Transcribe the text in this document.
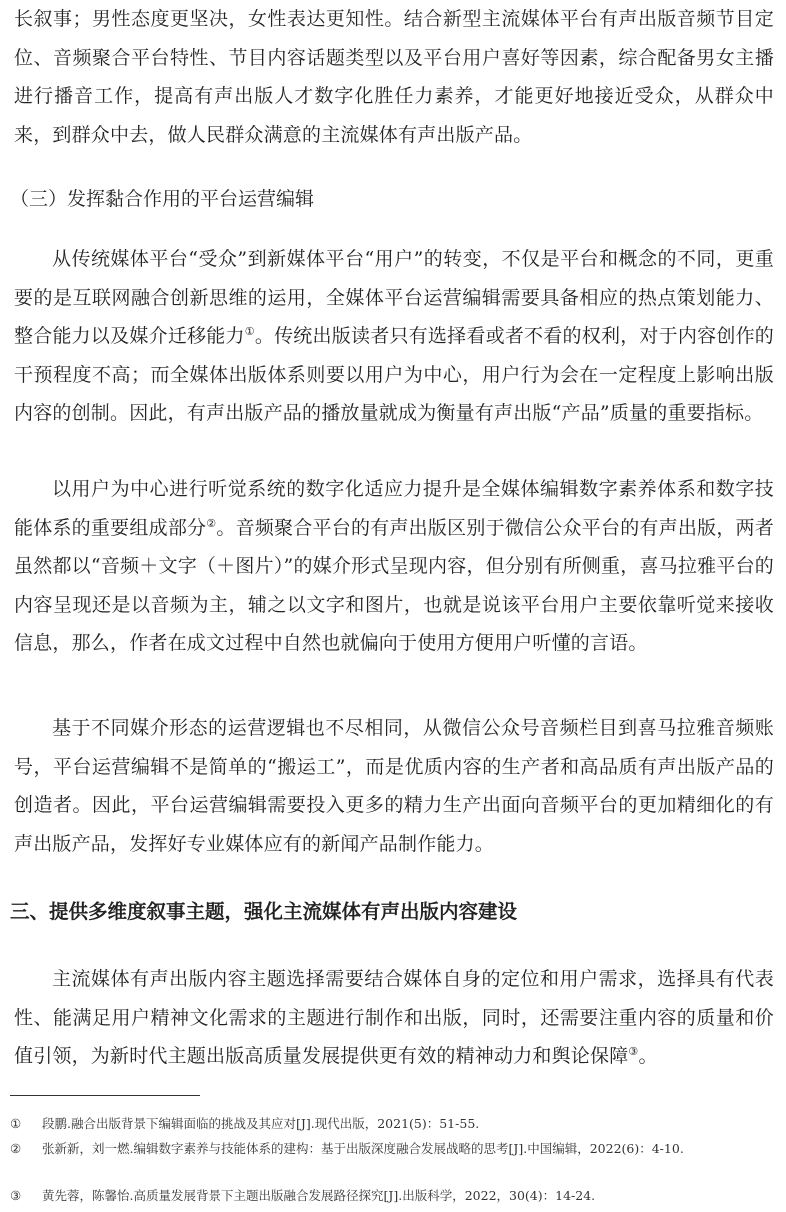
长叙事；男性态度更坚决，女性表达更知性。结合新型主流媒体平台有声出版音频节目定位、音频聚合平台特性、节目内容话题类型以及平台用户喜好等因素，综合配备男女主播进行播音工作，提高有声出版人才数字化胜任力素养，才能更好地接近受众，从群众中来，到群众中去，做人民群众满意的主流媒体有声出版产品。

（三）发挥黏合作用的平台运营编辑

从传统媒体平台“受众”到新媒体平台“用户”的转变，不仅是平台和概念的不同，更重要的是互联网融合创新思维的运用，全媒体平台运营编辑需要具备相应的热点策划能力、整合能力以及媒介迁移能力①。传统出版读者只有选择看或者不看的权利，对于内容创作的干预程度不高；而全媒体出版体系则要以用户为中心，用户行为会在一定程度上影响出版内容的创制。因此，有声出版产品的播放量就成为衡量有声出版“产品”质量的重要指标。

以用户为中心进行听觉系统的数字化适应力提升是全媒体编辑数字素养体系和数字技能体系的重要组成部分②。音频聚合平台的有声出版区别于微信公众平台的有声出版，两者虽然都以“音频＋文字（＋图片）”的媒介形式呈现内容，但分别有所侧重，喜马拉雅平台的内容呈现还是以音频为主，辅之以文字和图片，也就是说该平台用户主要依靠听觉来接收信息，那么，作者在成文过程中自然也就偏向于使用方便用户听懂的言语。

基于不同媒介形态的运营逻辑也不尽相同，从微信公众号音频栏目到喜马拉雅音频账号，平台运营编辑不是简单的“搬运工”，而是优质内容的生产者和高品质有声出版产品的创造者。因此，平台运营编辑需要投入更多的精力生产出面向音频平台的更加精细化的有声出版产品，发挥好专业媒体应有的新闻产品制作能力。

三、提供多维度叙事主题，强化主流媒体有声出版内容建设

主流媒体有声出版内容主题选择需要结合媒体自身的定位和用户需求，选择具有代表性、能满足用户精神文化需求的主题进行制作和出版，同时，还需要注重内容的质量和价值引领，为新时代主题出版高质量发展提供更有效的精神动力和舆论保障③。

① 段鹏.融合出版背景下编辑面临的挑战及其应对[J].现代出版，2021(5)：51-55.
② 张新新，刘一燃.编辑数字素养与技能体系的建构：基于出版深度融合发展战略的思考[J].中国编辑，2022(6)：4-10.
③ 黄先蓉，陈馨怡.高质量发展背景下主题出版融合发展路径探究[J].出版科学，2022，30(4)：14-24.
